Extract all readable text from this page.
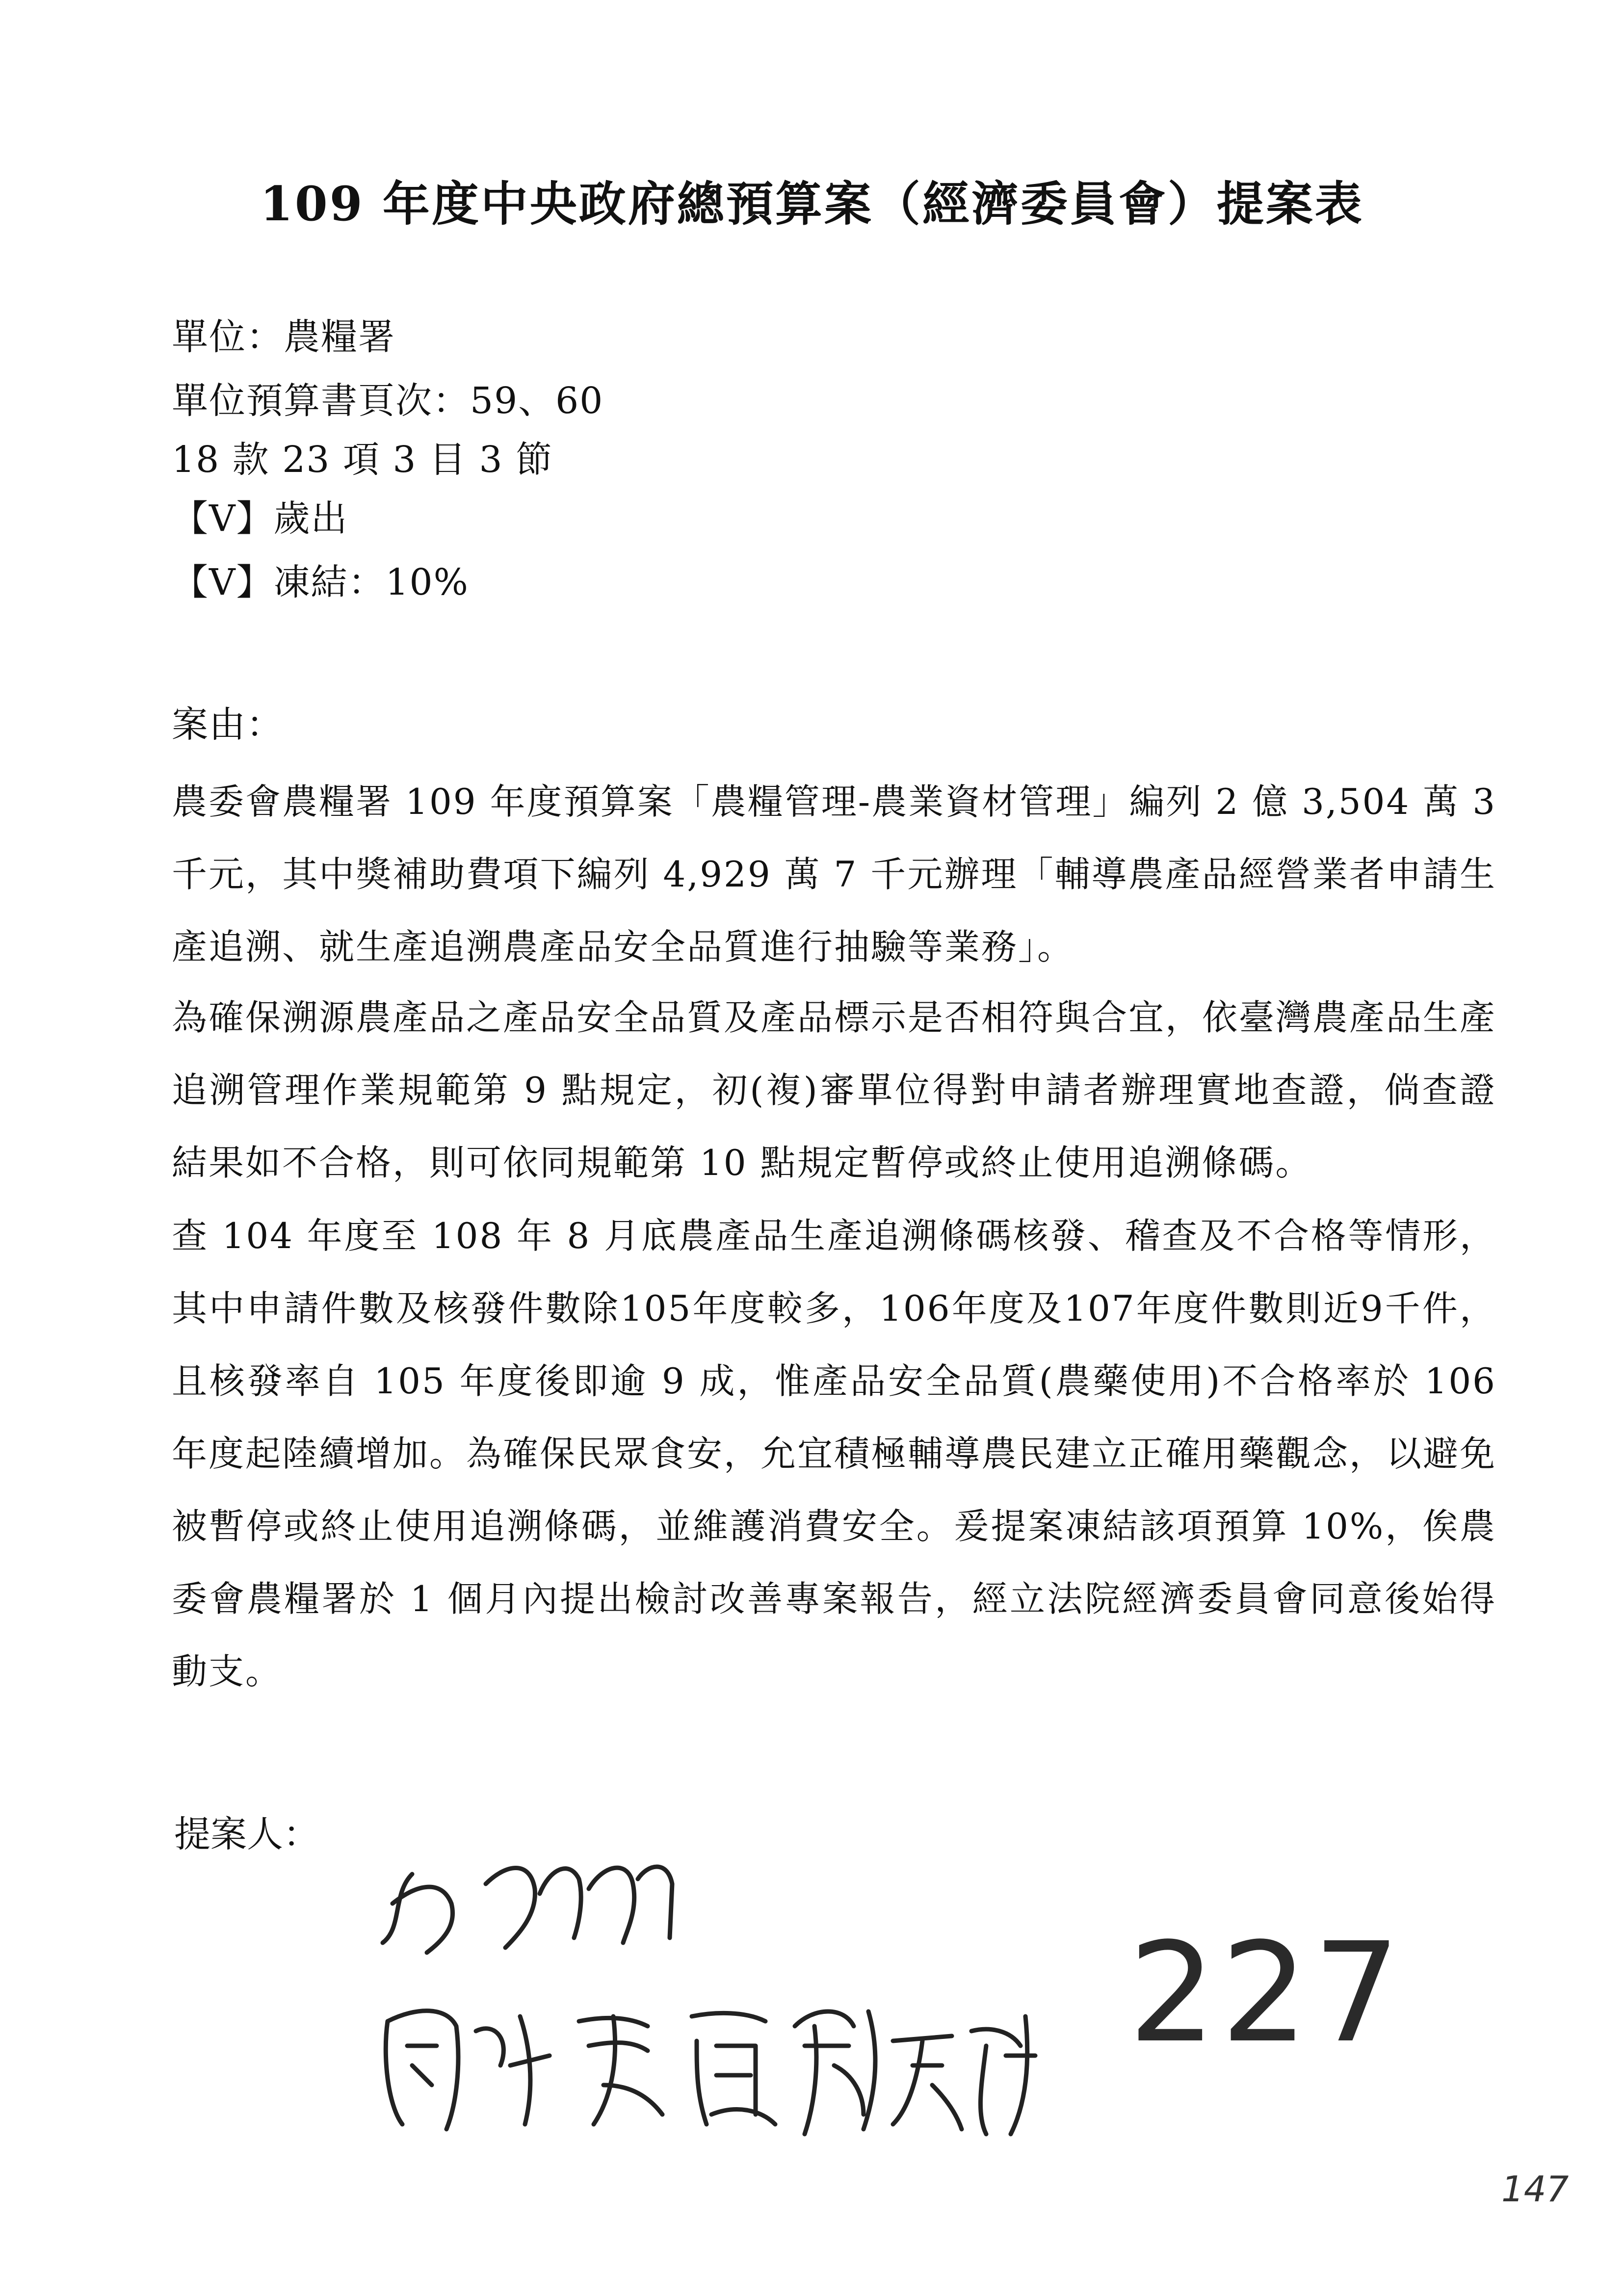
109 年度中央政府總預算案（經濟委員會）提案表
單位：農糧署
單位預算書頁次：59、60
18 款 23 項 3 目 3 節
【V】歲出
【V】凍結：10%
案由：
農委會農糧署 109 年度預算案「農糧管理-農業資材管理」編列 2 億 3,504 萬 3 千元，其中獎補助費項下編列 4,929 萬 7 千元辦理「輔導農產品經營業者申請生產追溯、就生產追溯農產品安全品質進行抽驗等業務」。
為確保溯源農產品之產品安全品質及產品標示是否相符與合宜，依臺灣農產品生產追溯管理作業規範第 9 點規定，初(複)審單位得對申請者辦理實地查證，倘查證結果如不合格，則可依同規範第 10 點規定暫停或終止使用追溯條碼。
查 104 年度至 108 年 8 月底農產品生產追溯條碼核發、稽查及不合格等情形，其中申請件數及核發件數除105年度較多，106年度及107年度件數則近9千件，且核發率自 105 年度後即逾 9 成，惟產品安全品質(農藥使用)不合格率於 106 年度起陸續增加。為確保民眾食安，允宜積極輔導農民建立正確用藥觀念，以避免被暫停或終止使用追溯條碼，並維護消費安全。爰提案凍結該項預算 10%，俟農委會農糧署於 1 個月內提出檢討改善專案報告，經立法院經濟委員會同意後始得動支。
提案人：
227
147
